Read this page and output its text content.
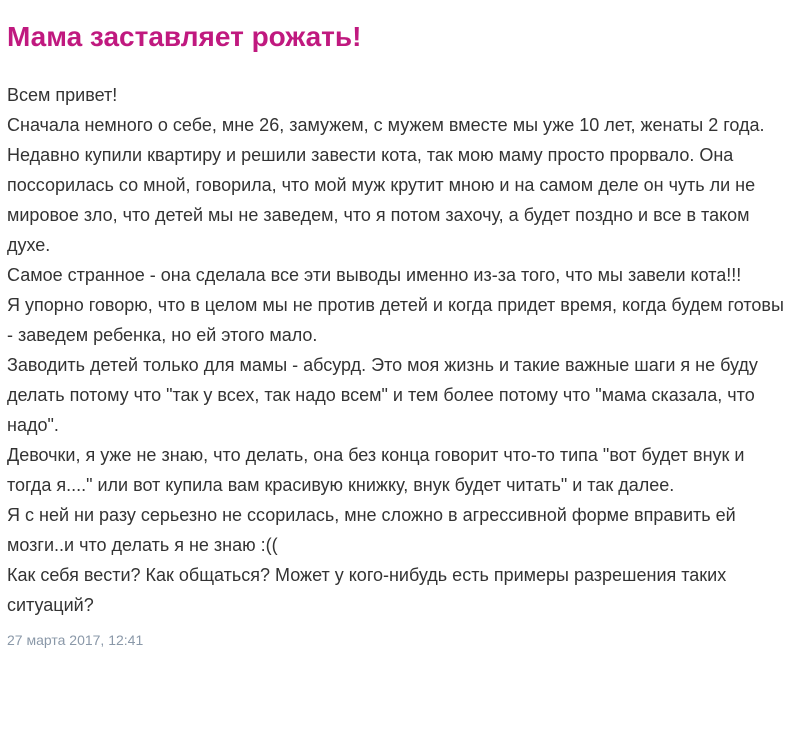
Мама заставляет рожать!

Всем привет!

Сначала немного о себе, мне 26, замужем, с мужем вместе мы уже 10 лет, женаты 2 года.

Недавно купили квартиру и решили завести кота, так мою маму просто прорвало. Она поссорилась со мной, говорила, что мой муж крутит мною и на самом деле он чуть ли не мировое зло, что детей мы не заведем, что я потом захочу, а будет поздно и все в таком духе.

Самое странное - она сделала все эти выводы именно из-за того, что мы завели кота!!!

Я упорно говорю, что в целом мы не против детей и когда придет время, когда будем готовы - заведем ребенка, но ей этого мало.

Заводить детей только для мамы - абсурд. Это моя жизнь и такие важные шаги я не буду делать потому что "так у всех, так надо всем" и тем более потому что "мама сказала, что надо".

Девочки, я уже не знаю, что делать, она без конца говорит что-то типа "вот будет внук и тогда я...." или вот купила вам красивую книжку, внук будет читать" и так далее.

Я с ней ни разу серьезно не ссорилась, мне сложно в агрессивной форме вправить ей мозги..и что делать я не знаю :((

Как себя вести? Как общаться? Может у кого-нибудь есть примеры разрешения таких ситуаций?

27 марта 2017, 12:41
